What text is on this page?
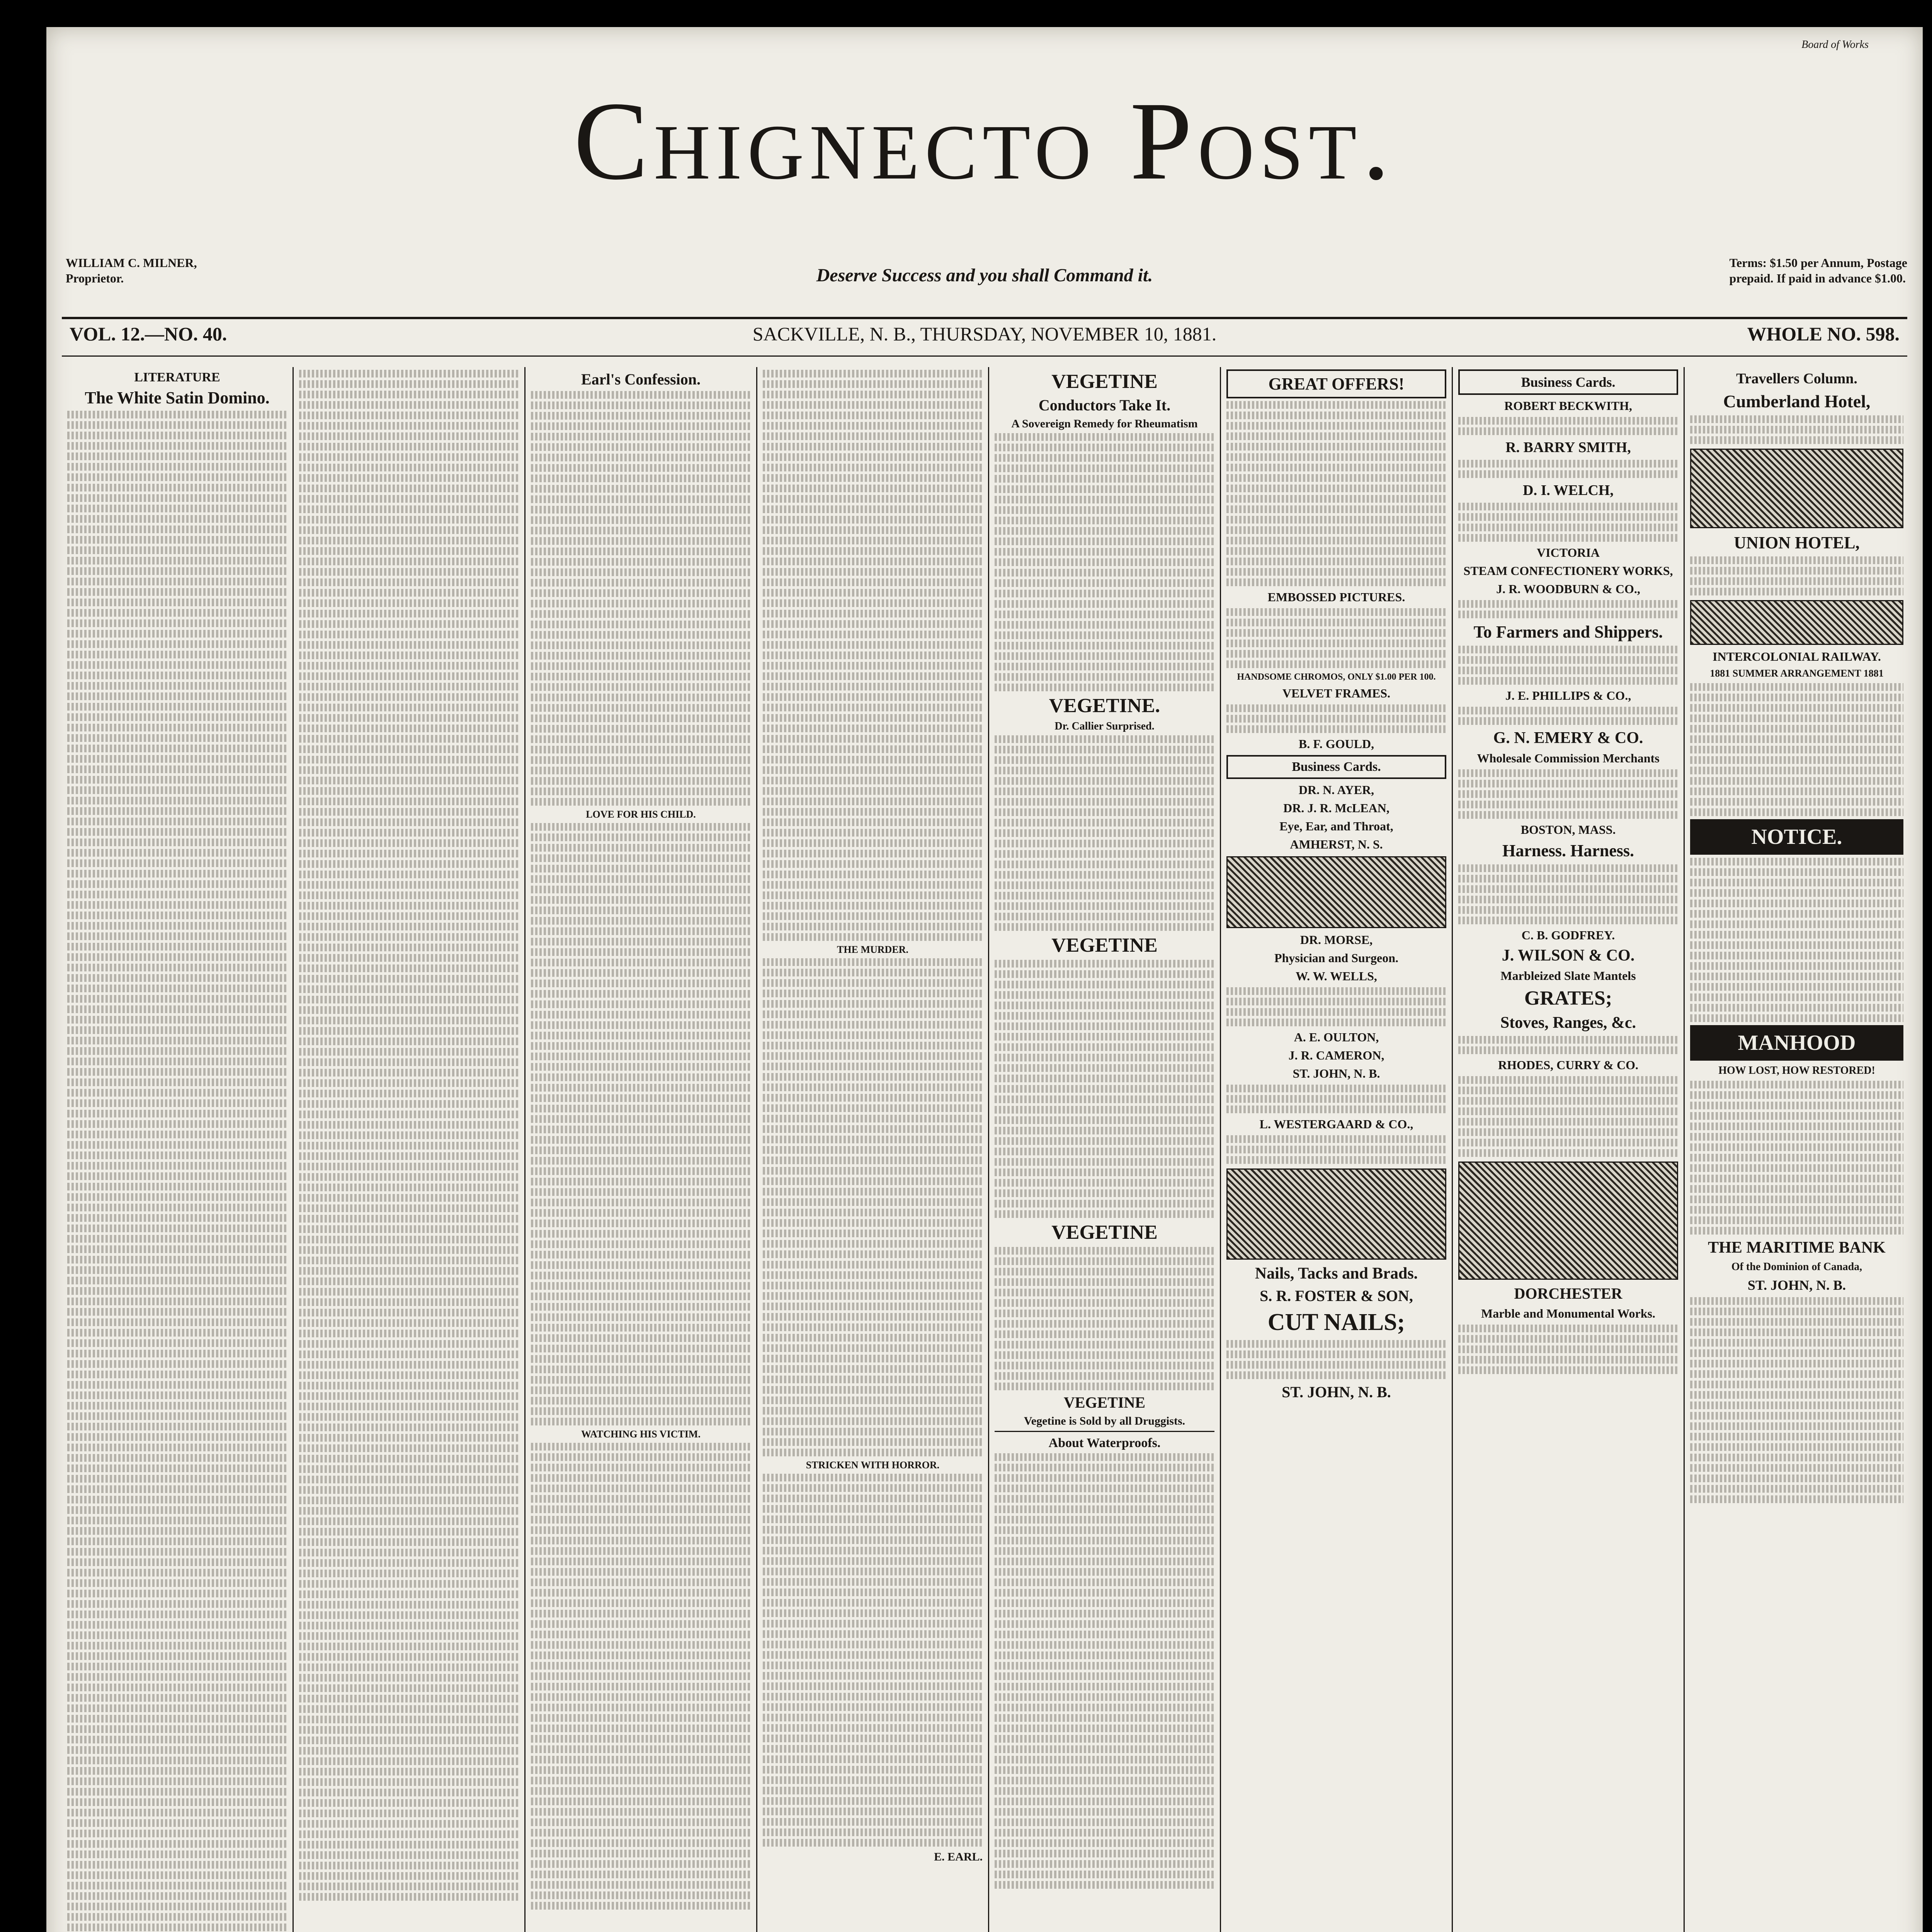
Board of Works
Chignecto Post.
WILLIAM C. MILNER,
Proprietor.	Deserve Success and you shall Command it.
Terms: $1.50 per Annum, Postage
prepaid. If paid in advance $1.00.
VOL. 12.—NO. 40.	SACKVILLE, N. B., THURSDAY, NOVEMBER 10, 1881.	WHOLE NO. 598.
LITERATURE
The White Satin Domino.
Earl's Confession.
LOVE FOR HIS CHILD.
WATCHING HIS VICTIM.
THE MURDER.
STRICKEN WITH HORROR.
E. EARL.
VEGETINE
Conductors Take It.
A Sovereign Remedy for Rheumatism
VEGETINE.
Dr. Callier Surprised.
VEGETINE
VEGETINE
VEGETINE
Vegetine is Sold by all Druggists.
About Waterproofs.
GREAT OFFERS!
EMBOSSED PICTURES.
HANDSOME CHROMOS, ONLY $1.00 PER 100.
VELVET FRAMES.
B. F. GOULD,
Business Cards.
DR. N. AYER,
DR. J. R. McLEAN,
Eye, Ear, and Throat,
AMHERST, N. S.
DR. MORSE,
Physician and Surgeon.
W. W. WELLS,
A. E. OULTON,
J. R. CAMERON,
ST. JOHN, N. B.
L. WESTERGAARD & CO.,
Nails, Tacks and Brads.
S. R. FOSTER & SON,
CUT NAILS;
ST. JOHN, N. B.
Business Cards.
ROBERT BECKWITH,
R. BARRY SMITH,
D. I. WELCH,
VICTORIA
STEAM CONFECTIONERY WORKS,
J. R. WOODBURN & CO.,
To Farmers and Shippers.
J. E. PHILLIPS & CO.,
G. N. EMERY & CO.
Wholesale Commission Merchants
BOSTON, MASS.
Harness. Harness.
C. B. GODFREY.
J. WILSON & CO.
Marbleized Slate Mantels
GRATES;
Stoves, Ranges, &c.
RHODES, CURRY & CO.
DORCHESTER
Marble and Monumental Works.
Travellers Column.
Cumberland Hotel,
UNION HOTEL,
INTERCOLONIAL RAILWAY.
1881 SUMMER ARRANGEMENT 1881
NOTICE.
MANHOOD
HOW LOST, HOW RESTORED!
THE MARITIME BANK
Of the Dominion of Canada,
ST. JOHN, N. B.
